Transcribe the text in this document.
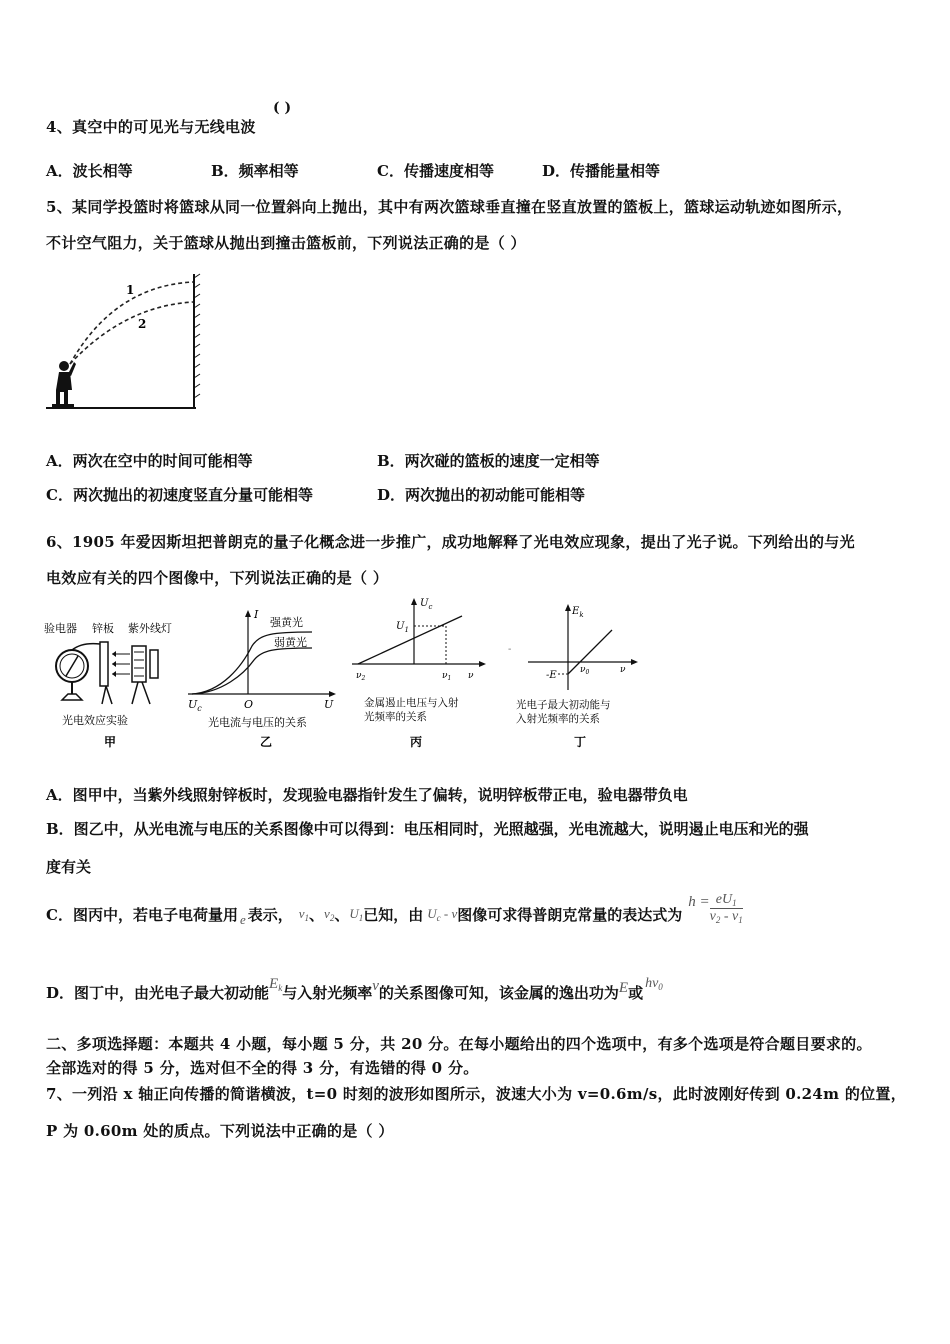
4、真空中的可见光与无线电波
( )
A．波长相等	B．频率相等	C．传播速度相等	D．传播能量相等
5、某同学投篮时将篮球从同一位置斜向上抛出，其中有两次篮球垂直撞在竖直放置的篮板上，篮球运动轨迹如图所示，
不计空气阻力，关于篮球从抛出到撞击篮板前，下列说法正确的是（ ）
1
2
A．两次在空中的时间可能相等	B．两次碰的篮板的速度一定相等
C．两次抛出的初速度竖直分量可能相等	D．两次抛出的初动能可能相等
6、1905 年爱因斯坦把普朗克的量子化概念进一步推广，成功地解释了光电效应现象，提出了光子说。下列给出的与光
电效应有关的四个图像中，下列说法正确的是（ ）
验电器 锌板 紫外线灯
光电效应实验
甲
I
强黄光
弱黄光
$U_c$	O	U
光电流与电压的关系
乙
$U_c$
$U_1$
$\nu_2$	$\nu_1$ ν
金属遏止电压与入射
光频率的关系
丙
-
$E_k$
-E	$\nu_0$	ν
光电子最大初动能与
入射光频率的关系
丁
A．图甲中，当紫外线照射锌板时，发现验电器指针发生了偏转，说明锌板带正电，验电器带负电
B．图乙中，从光电流与电压的关系图像中可以得到：电压相同时，光照越强，光电流越大，说明遏止电压和光的强
度有关
C．图丙中，若电子电荷量用 e 表示， $\nu_1$ 、 $\nu_2$ 、 $U_1$ 已知，由 $U_c$ - ν 图像可求得普朗克常量的表达式为
$h = \frac{eU_1}{\nu_2 - \nu_1}$
D．图丁中，由光电子最大初动能 $E_k$ 与入射光频率 ν 的关系图像可知，该金属的逸出功为 E 或 $h\nu_0$
二、多项选择题：本题共 4 小题，每小题 5 分，共 20 分。在每小题给出的四个选项中，有多个选项是符合题目要求的。
全部选对的得 5 分，选对但不全的得 3 分，有选错的得 0 分。
7、一列沿 x 轴正向传播的简谐横波，t=0 时刻的波形如图所示，波速大小为 v=0.6m/s，此时波刚好传到 0.24m 的位置，
P 为 0.60m 处的质点。下列说法中正确的是（ ）
